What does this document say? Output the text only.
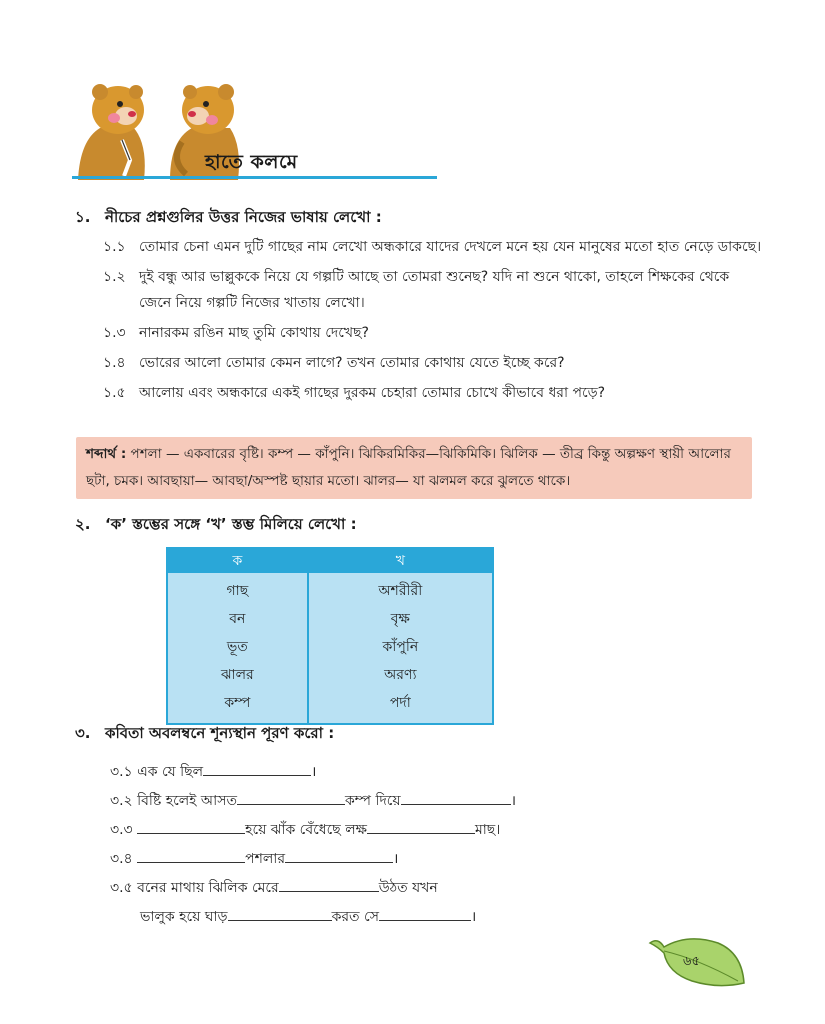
হাতে কলমে
১. নীচের প্রশ্নগুলির উত্তর নিজের ভাষায় লেখো :
১.১ তোমার চেনা এমন দুটি গাছের নাম লেখো অন্ধকারে যাদের দেখলে মনে হয় যেন মানুষের মতো হাত নেড়ে ডাকছে।
১.২ দুই বন্ধু আর ভাল্লুককে নিয়ে যে গল্পটি আছে তা তোমরা শুনেছ? যদি না শুনে থাকো, তাহলে শিক্ষকের থেকে জেনে নিয়ে গল্পটি নিজের খাতায় লেখো।
১.৩ নানারকম রঙিন মাছ তুমি কোথায় দেখেছ?
১.৪ ভোরের আলো তোমার কেমন লাগে? তখন তোমার কোথায় যেতে ইচ্ছে করে?
১.৫ আলোয় এবং অন্ধকারে একই গাছের দুরকম চেহারা তোমার চোখে কীভাবে ধরা পড়ে?
শব্দার্থ : পশলা — একবারের বৃষ্টি। কম্প — কাঁপুনি। ঝিকিরমিকির—ঝিকিমিকি। ঝিলিক — তীব্র কিন্তু অল্পক্ষণ স্থায়ী আলোর ছটা, চমক। আবছায়া— আবছা/অস্পষ্ট ছায়ার মতো। ঝালর— যা ঝলমল করে ঝুলতে থাকে।
২. ‘ক’ স্তম্ভের সঙ্গে ‘খ’ স্তম্ভ মিলিয়ে লেখো :
ক	খ
গাছ	অশরীরী
বন	বৃক্ষ
ভূত	কাঁপুনি
ঝালর	অরণ্য
কম্প	পর্দা
৩. কবিতা অবলম্বনে শূন্যস্থান পূরণ করো :
৩.১ এক যে ছিল	।
৩.২ বিষ্টি হলেই আসত	কম্প দিয়ে	।
৩.৩	হয়ে ঝাঁক বেঁধেছে লক্ষ	মাছ।
৩.৪	পশলার	।
৩.৫ বনের মাথায় ঝিলিক মেরে	উঠত যখন
ভালুক হয়ে ঘাড়	করত সে	।
৬৫
